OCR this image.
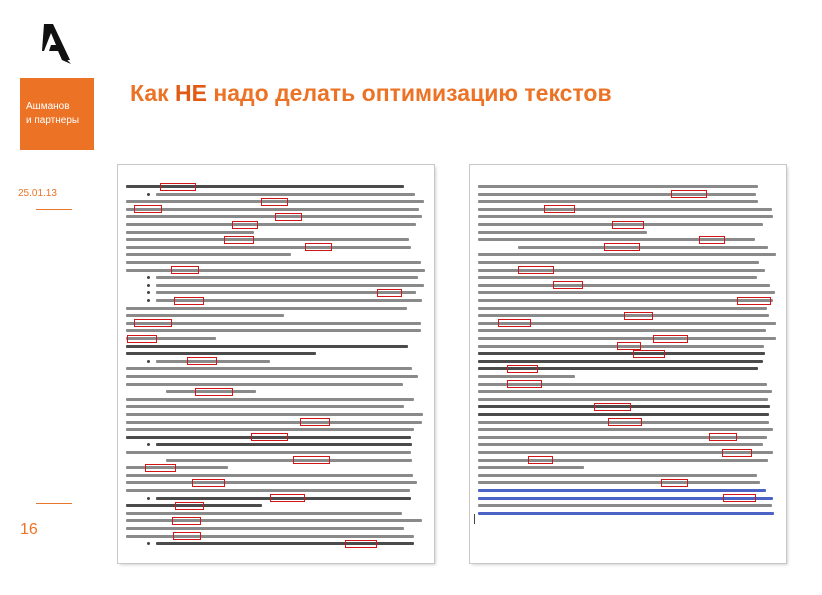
Ашманов
и партнеры
25.01.13
16
Как НЕ надо делать оптимизацию текстов
